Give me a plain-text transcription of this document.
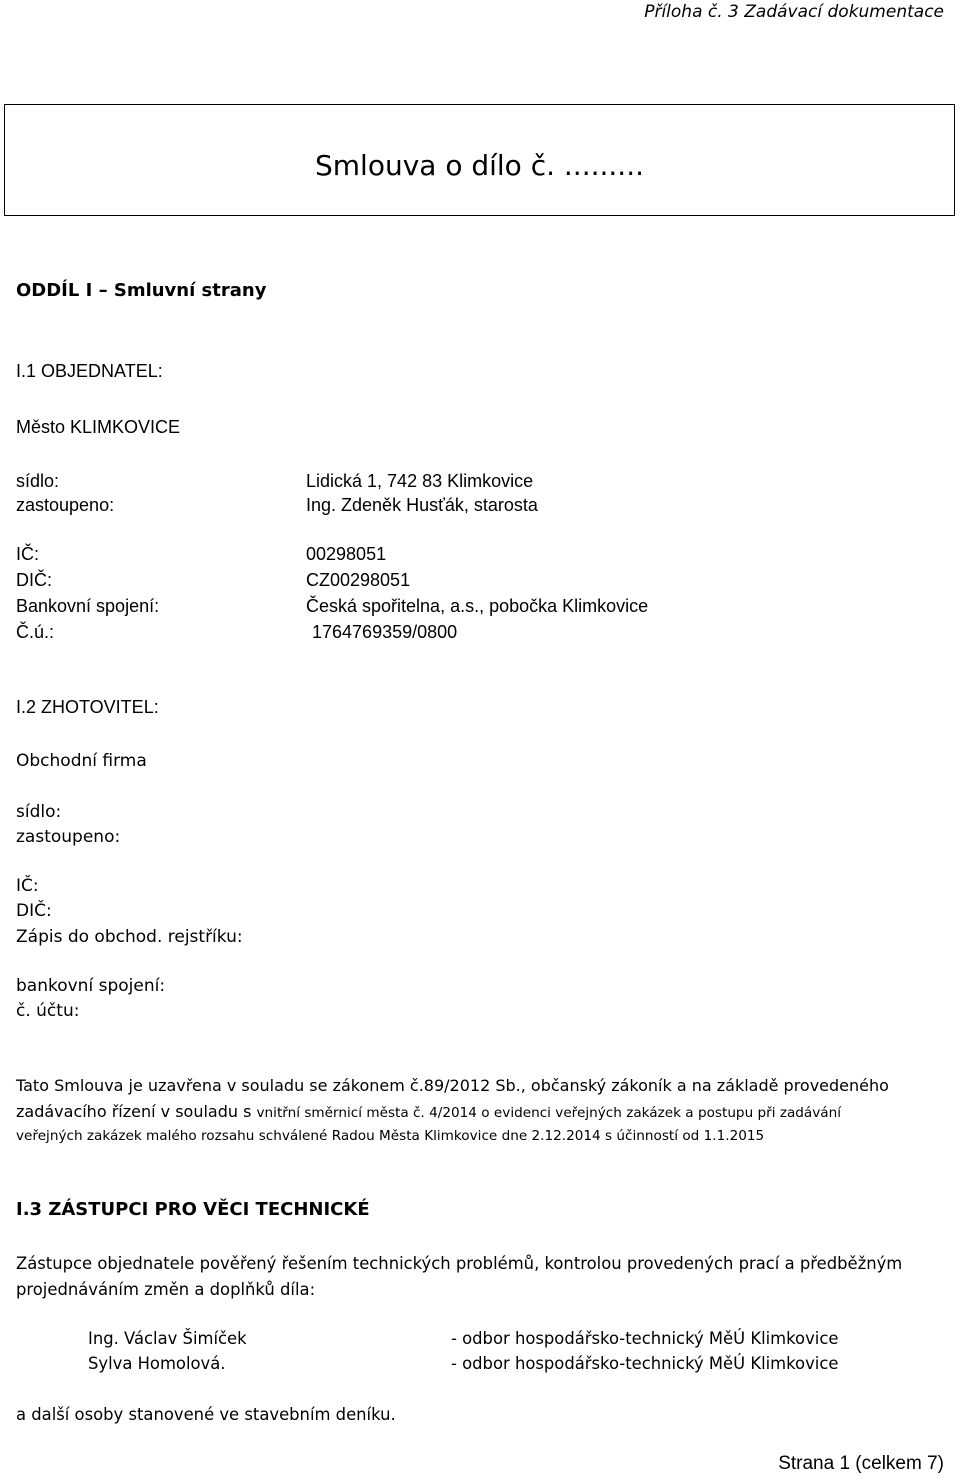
Příloha č. 3 Zadávací dokumentace
Smlouva o dílo č. .........
ODDÍL I – Smluvní strany
I.1 OBJEDNATEL:
Město KLIMKOVICE
sídlo:	Lidická 1, 742 83 Klimkovice
zastoupeno:	Ing. Zdeněk Husťák, starosta
IČ:	00298051
DIČ:	CZ00298051
Bankovní spojení:	Česká spořitelna, a.s., pobočka Klimkovice
Č.ú.:	1764769359/0800
I.2 ZHOTOVITEL:
Obchodní firma
sídlo:
zastoupeno:
IČ:
DIČ:
Zápis do obchod. rejstříku:
bankovní spojení:
č. účtu:
Tato Smlouva je uzavřena v souladu se zákonem č.89/2012 Sb., občanský zákoník a na základě provedeného
zadávacího řízení v souladu s vnitřní směrnicí města č. 4/2014 o evidenci veřejných zakázek a postupu při zadávání
veřejných zakázek malého rozsahu schválené Radou Města Klimkovice dne 2.12.2014 s účinností od 1.1.2015
I.3 ZÁSTUPCI PRO VĚCI TECHNICKÉ
Zástupce objednatele pověřený řešením technických problémů, kontrolou provedených prací a předběžným
projednáváním změn a doplňků díla:
Ing. Václav Šimíček	- odbor hospodářsko-technický MěÚ Klimkovice
Sylva Homolová.	- odbor hospodářsko-technický MěÚ Klimkovice
a další osoby stanovené ve stavebním deníku.
Strana 1 (celkem 7)
